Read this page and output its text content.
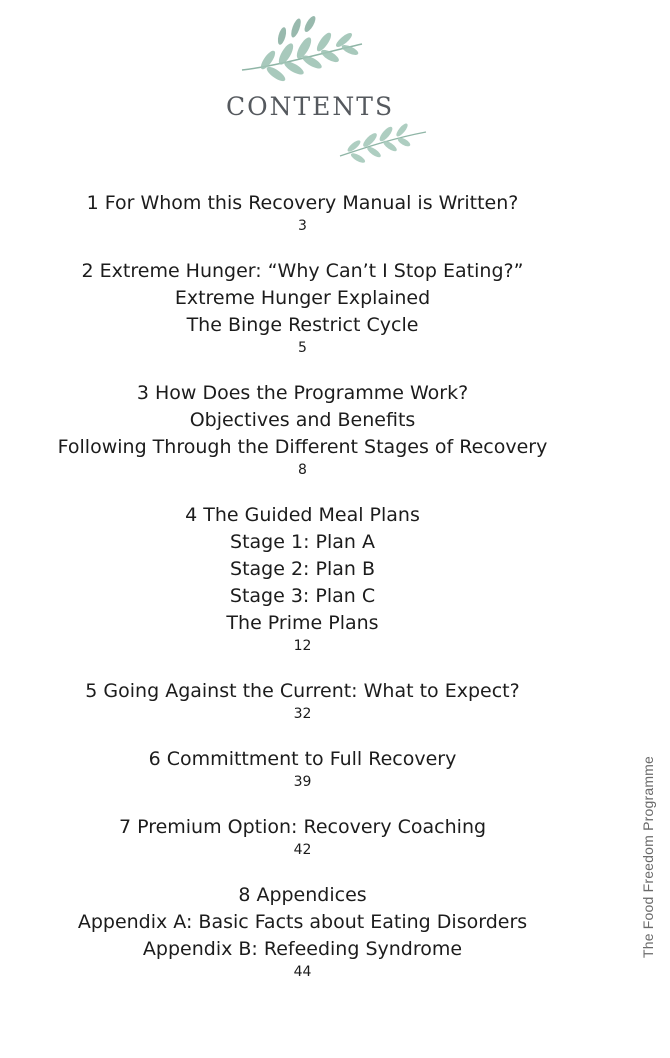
CONTENTS
1 For Whom this Recovery Manual is Written?
3
2 Extreme Hunger: “Why Can’t I Stop Eating?”
Extreme Hunger Explained
The Binge Restrict Cycle
5
3 How Does the Programme Work?
Objectives and Benefits
Following Through the Different Stages of Recovery
8
4 The Guided Meal Plans
Stage 1: Plan A
Stage 2: Plan B
Stage 3: Plan C
The Prime Plans
12
5 Going Against the Current: What to Expect?
32
6 Committment to Full Recovery
39
7 Premium Option: Recovery Coaching
42
8 Appendices
Appendix A: Basic Facts about Eating Disorders
Appendix B: Refeeding Syndrome
44
The Food Freedom Programme
